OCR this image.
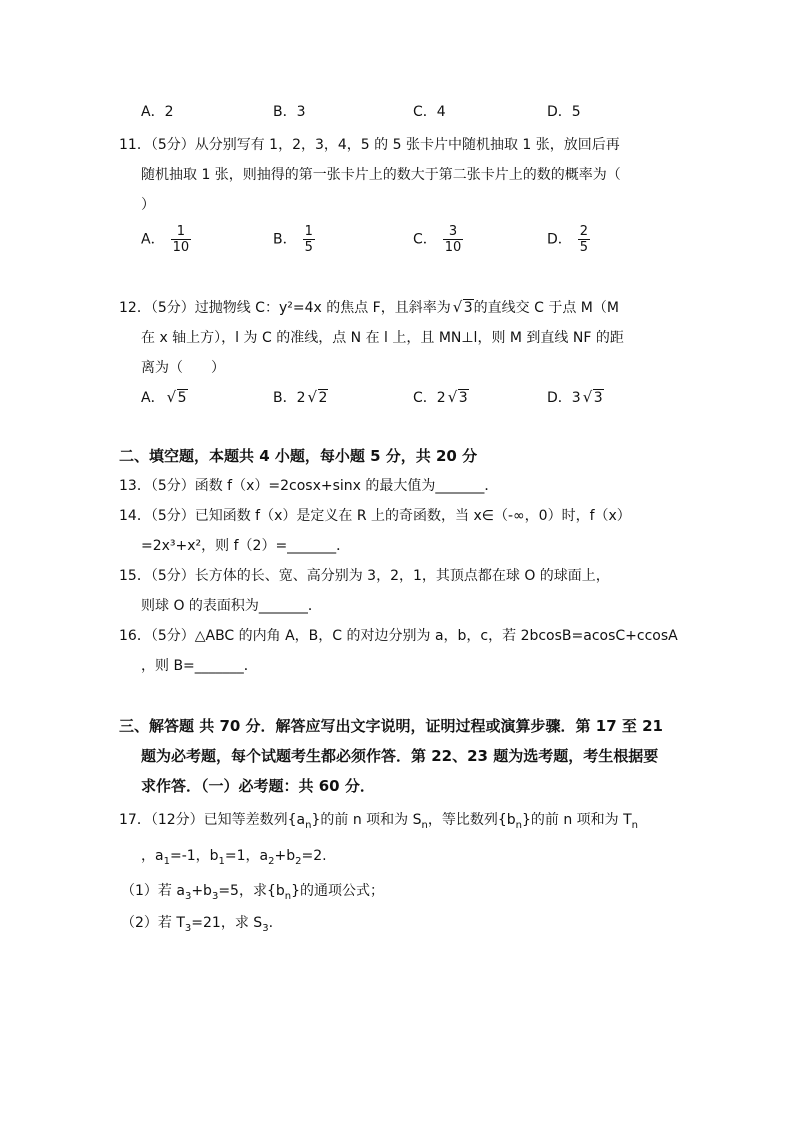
A．2	B．3	C．4	D．5
11．（5分）从分别写有 1，2，3，4，5 的 5 张卡片中随机抽取 1 张，放回后再
随机抽取 1 张，则抽得的第一张卡片上的数大于第二张卡片上的数的概率为（
）
A． $\frac{1}{10}$	B． $\frac{1}{5}$	C． $\frac{3}{10}$	D． $\frac{2}{5}$
12．（5分）过抛物线 C：y²=4x 的焦点 F，且斜率为 √ 3的直线交 C 于点 M（M
在 x 轴上方），l 为 C 的准线，点 N 在 l 上，且 MN⊥l，则 M 到直线 NF 的距
离为（　　）
A． √ 5	B．2 √ 2	C．2 √ 3	D．3 √ 3
二、填空题，本题共 4 小题，每小题 5 分，共 20 分
13．（5分）函数 f（x）=2cosx+sinx 的最大值为_______．
14．（5分）已知函数 f（x）是定义在 R 上的奇函数，当 x∈（-∞，0）时，f（x）
=2x³+x²，则 f（2）=_______．
15．（5分）长方体的长、宽、高分别为 3，2，1，其顶点都在球 O 的球面上，
则球 O 的表面积为_______．
16．（5分）△ABC 的内角 A，B，C 的对边分别为 a，b，c，若 2bcosB=acosC+ccosA
，则 B=_______．
三、解答题 共 70 分．解答应写出文字说明，证明过程或演算步骤．第 17 至 21
题为必考题，每个试题考生都必须作答．第 22、23 题为选考题，考生根据要
求作答．（一）必考题：共 60 分．
17．（12分）已知等差数列$\{a_n\}$的前 n 项和为 $S_n$，等比数列$\{b_n\}$的前 n 项和为 $T_n$
，$a_1=-1$，$b_1=1$，$a_2+b_2=2$.
（1）若 $a_3+b_3=5$，求$\{b_n\}$的通项公式；
（2）若 $T_3=21$，求 $S_3$.
